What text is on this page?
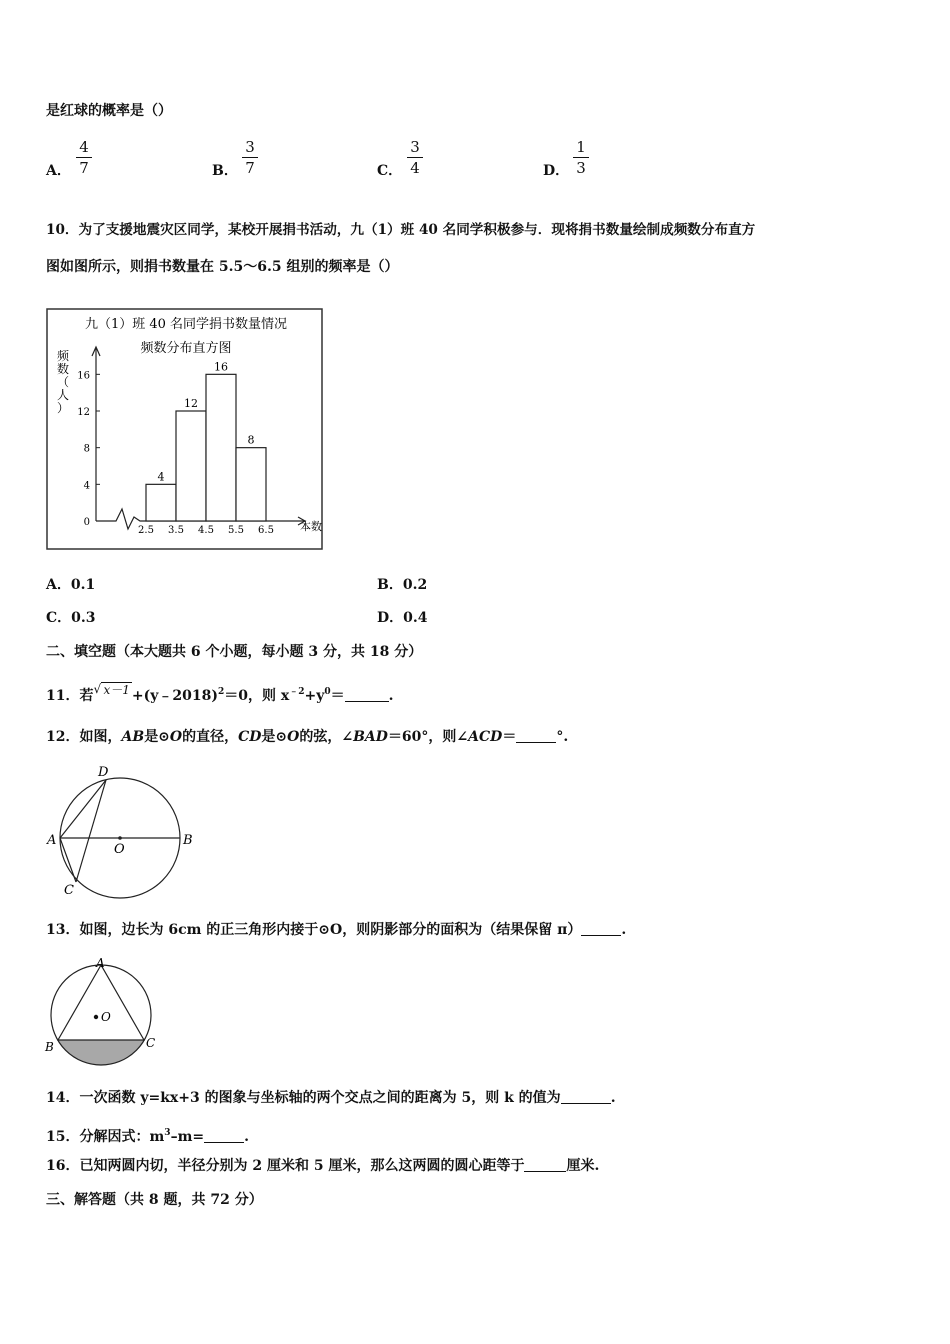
是红球的概率是（）
A．
4
7	B．
3
7	C．
3
4	D．
1
3
10．为了支援地震灾区同学，某校开展捐书活动，九（1）班 40 名同学积极参与．现将捐书数量绘制成频数分布直方
图如图所示，则捐书数量在 5.5～6.5 组别的频率是（）
九（1）班 40 名同学捐书数量情况
频数分布直方图
频
数
（
人
）
0
4
8
12
16
4
12
16
8
2.5 3.5 4.5 5.5 6.5 本数
A．0.1	B．0.2
C．0.3	D．0.4
二、填空题（本大题共 6 个小题，每小题 3 分，共 18 分）
11．若√ x－1 +(y﹣2018)$^2$＝0，则 $x^{﹣2}+y^0=$	.
12．如图，AB是⊙O的直径，CD是⊙O的弦，∠BAD＝60°，则∠ACD＝	°.
D
A
O
B
C
13．如图，边长为 6cm 的正三角形内接于⊙O，则阴影部分的面积为（结果保留 π）	.
A
O
B	C
14．一次函数 y=kx+3 的图象与坐标轴的两个交点之间的距离为 5，则 k 的值为	.
15．分解因式：$m^3-m=$	.
16．已知两圆内切，半径分别为 2 厘米和 5 厘米，那么这两圆的圆心距等于	厘米.
三、解答题（共 8 题，共 72 分）
